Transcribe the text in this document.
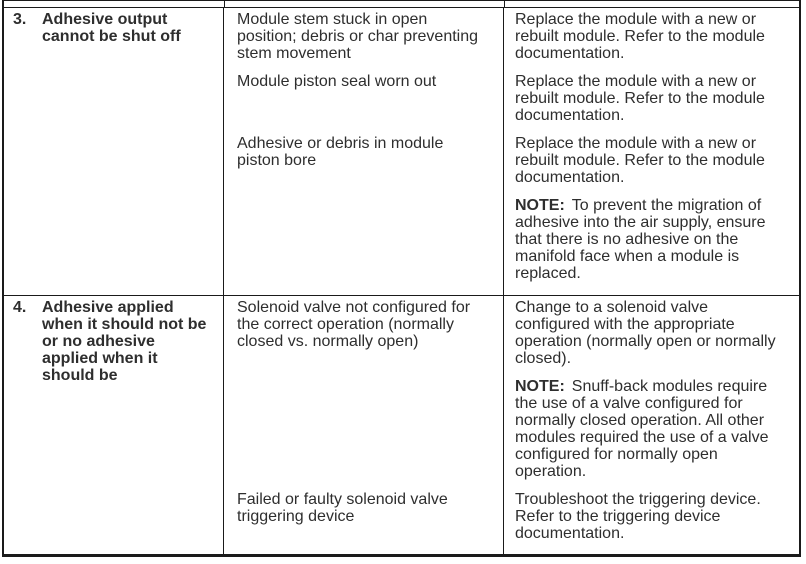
3. Adhesive output cannot be shut off
Module stem stuck in open position; debris or char preventing stem movement

Replace the module with a new or rebuilt module. Refer to the module documentation.

Module piston seal worn out	Replace the module with a new or rebuilt module. Refer to the module documentation.

Adhesive or debris in module piston bore

Replace the module with a new or rebuilt module. Refer to the module documentation.

NOTE: To prevent the migration of adhesive into the air supply, ensure that there is no adhesive on the manifold face when a module is replaced.

4. Adhesive applied when it should not be or no adhesive applied when it should be
Solenoid valve not configured for the correct operation (normally closed vs. normally open)

Change to a solenoid valve configured with the appropriate operation (normally open or normally closed).

NOTE: Snuff-back modules require the use of a valve configured for normally closed operation. All other modules required the use of a valve configured for normally open operation.

Failed or faulty solenoid valve triggering device

Troubleshoot the triggering device. Refer to the triggering device documentation.
